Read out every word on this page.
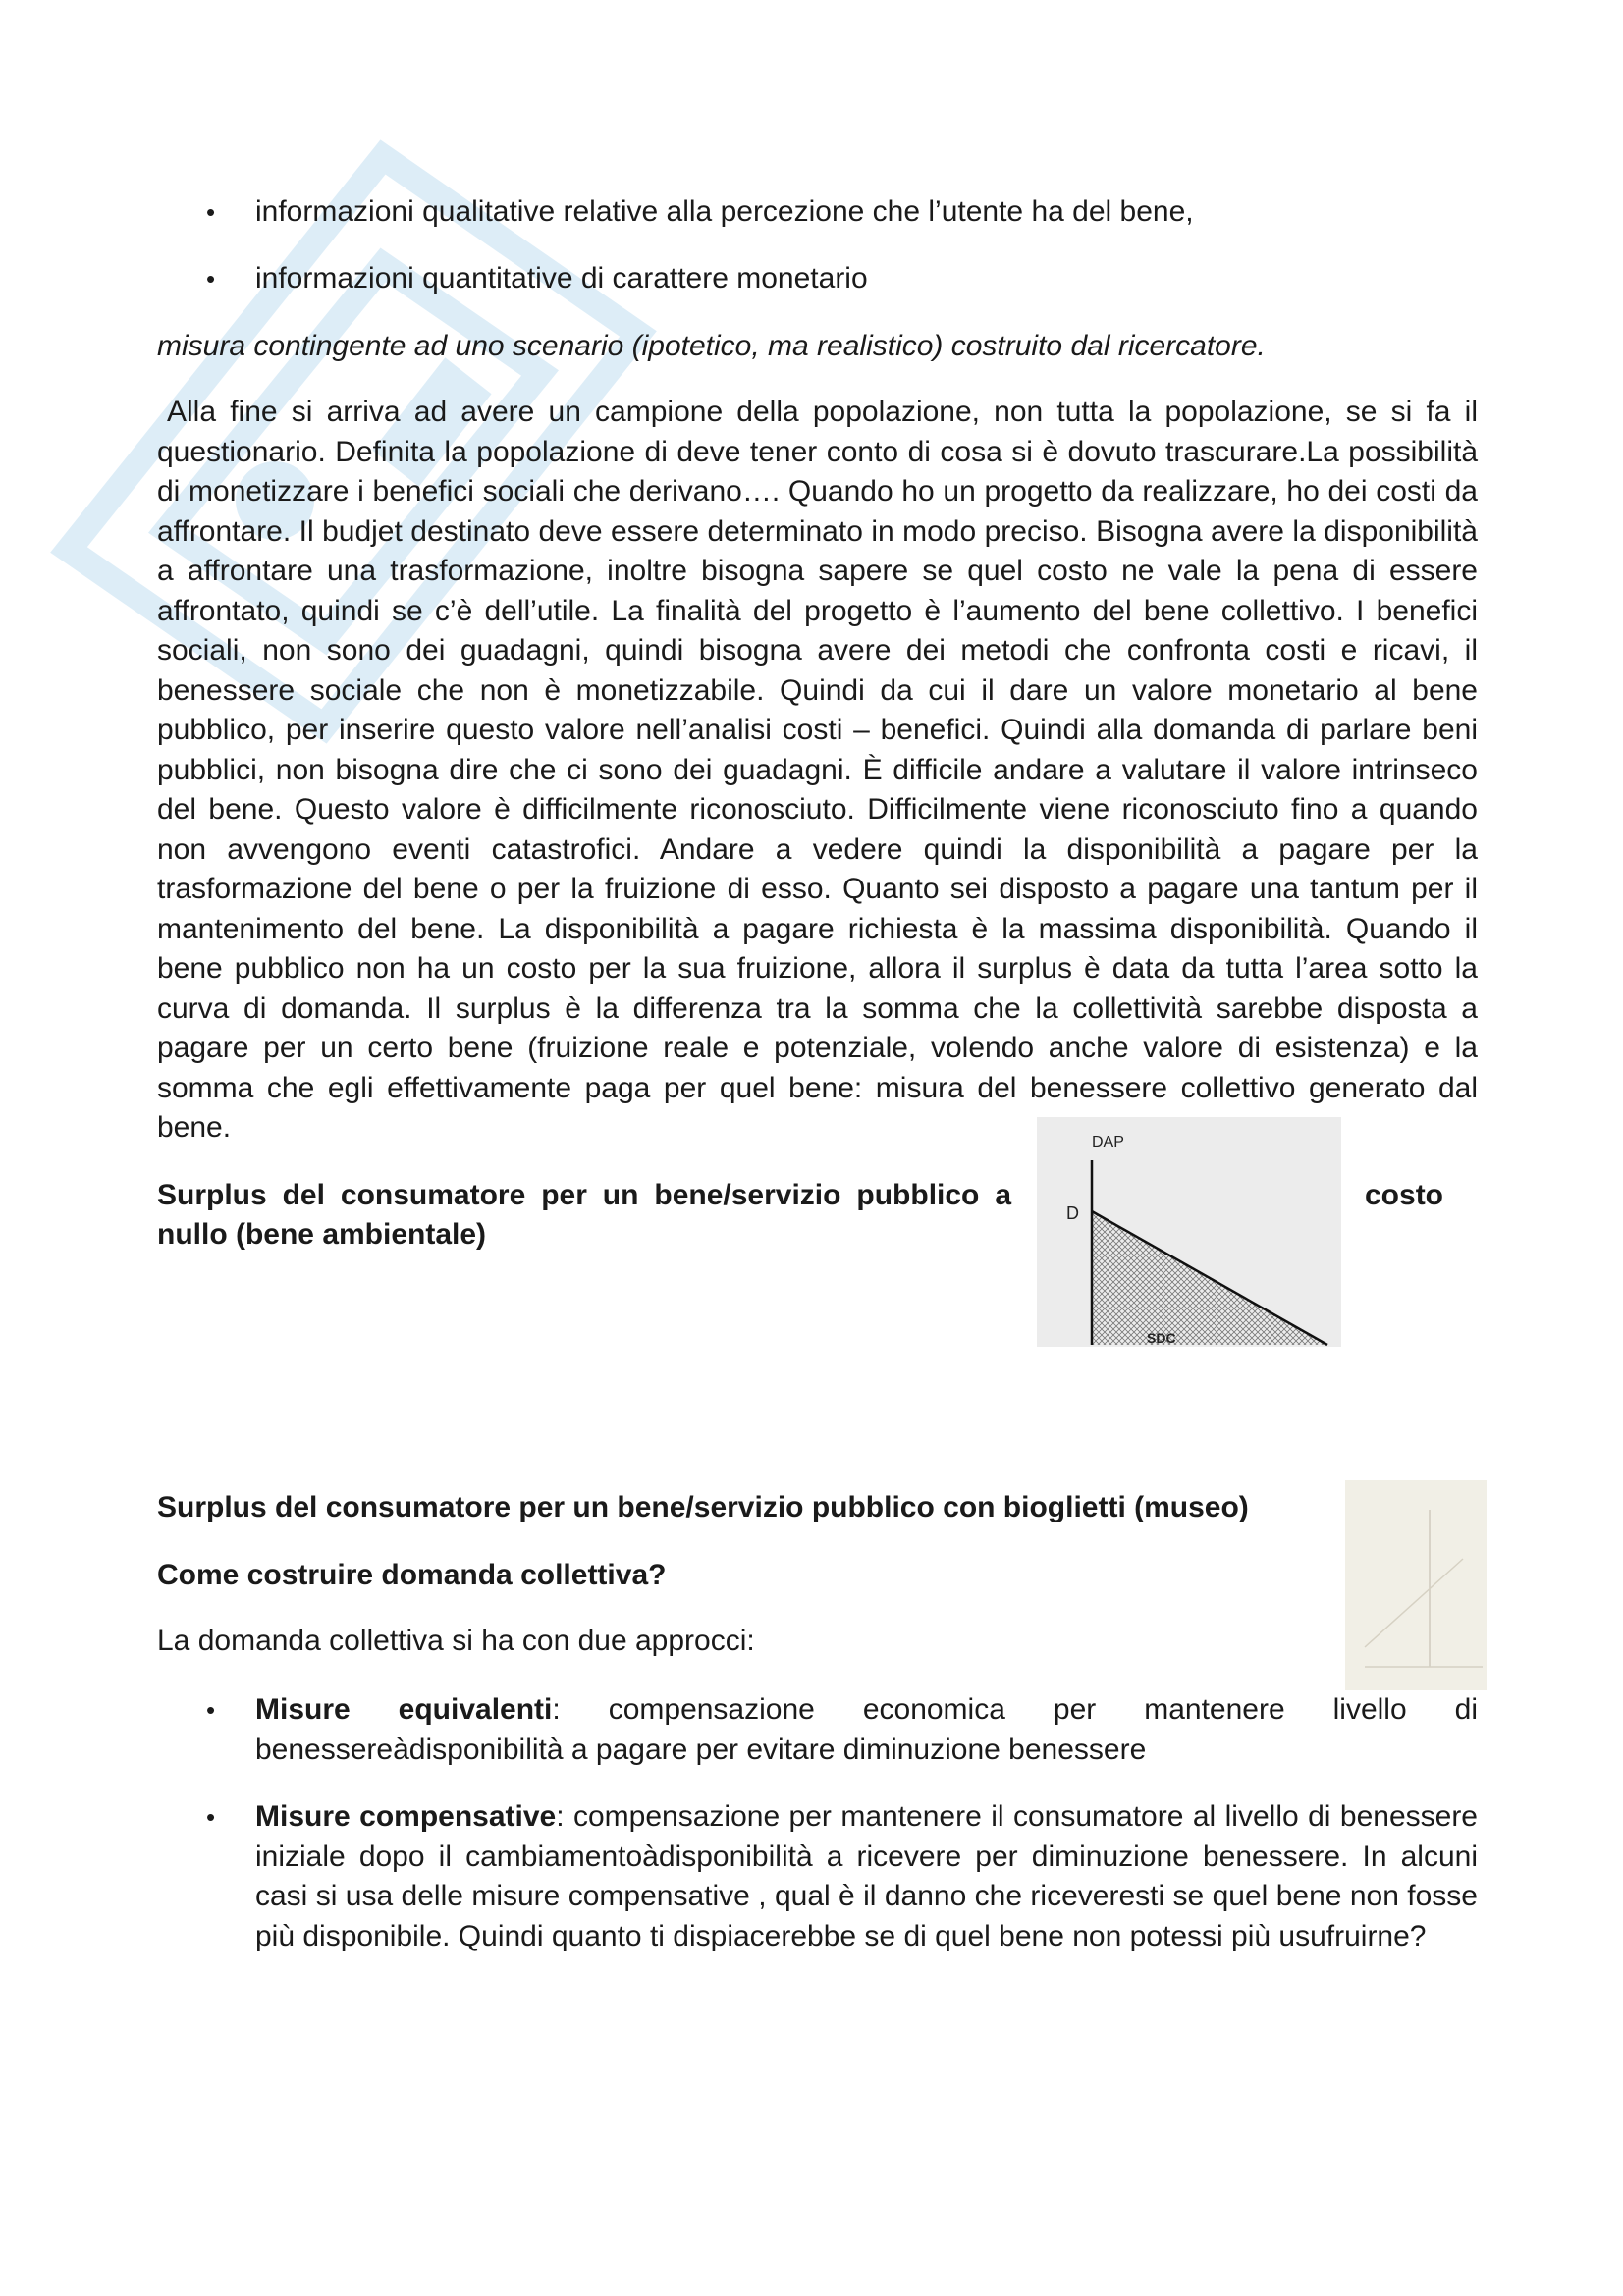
• informazioni qualitative relative alla percezione che l’utente ha del bene,
• informazioni quantitative di carattere monetario
misura contingente ad uno scenario (ipotetico, ma realistico) costruito dal ricercatore.

Alla fine si arriva ad avere un campione della popolazione, non tutta la popolazione, se si fa il questionario. Definita la popolazione di deve tener conto di cosa si è dovuto trascurare.La possibilità di monetizzare i benefici sociali che derivano…. Quando ho un progetto da realizzare, ho dei costi da affrontare. Il budjet destinato deve essere determinato in modo preciso. Bisogna avere la disponibilità a affrontare una trasformazione, inoltre bisogna sapere se quel costo ne vale la pena di essere affrontato, quindi se c’è dell’utile. La finalità del progetto è l’aumento del bene collettivo. I benefici sociali, non sono dei guadagni, quindi bisogna avere dei metodi che confronta costi e ricavi, il benessere sociale che non è monetizzabile. Quindi da cui il dare un valore monetario al bene pubblico, per inserire questo valore nell’analisi costi – benefici. Quindi alla domanda di parlare beni pubblici, non bisogna dire che ci sono dei guadagni. È difficile andare a valutare il valore intrinseco del bene. Questo valore è difficilmente riconosciuto. Difficilmente viene riconosciuto fino a quando non avvengono eventi catastrofici. Andare a vedere quindi la disponibilità a pagare per la trasformazione del bene o per la fruizione di esso. Quanto sei disposto a pagare una tantum per il mantenimento del bene. La disponibilità a pagare richiesta è la massima disponibilità. Quando il bene pubblico non ha un costo per la sua fruizione, allora il surplus è data da tutta l’area sotto la curva di domanda. Il surplus è la differenza tra la somma che la collettività sarebbe disposta a pagare per un certo bene (fruizione reale e potenziale, volendo anche valore di esistenza) e la somma che egli effettivamente paga per quel bene: misura del benessere collettivo generato dal bene.

Surplus del consumatore per un bene/servizio pubblico a	costo
nullo (bene ambientale)
Surplus del consumatore per un bene/servizio pubblico con bioglietti (museo)
Come costruire domanda collettiva?
La domanda collettiva si ha con due approcci:
• Misure equivalenti: compensazione economica per mantenere livello di
benessereàdisponibilità a pagare per evitare diminuzione benessere
• Misure compensative: compensazione per mantenere il consumatore al livello di benessere iniziale dopo il cambiamentoàdisponibilità a ricevere per diminuzione benessere. In alcuni casi si usa delle misure compensative , qual è il danno che riceveresti se quel bene non fosse più disponibile. Quindi quanto ti dispiacerebbe se di quel bene non potessi più usufruirne?
DAP
D
SDC
